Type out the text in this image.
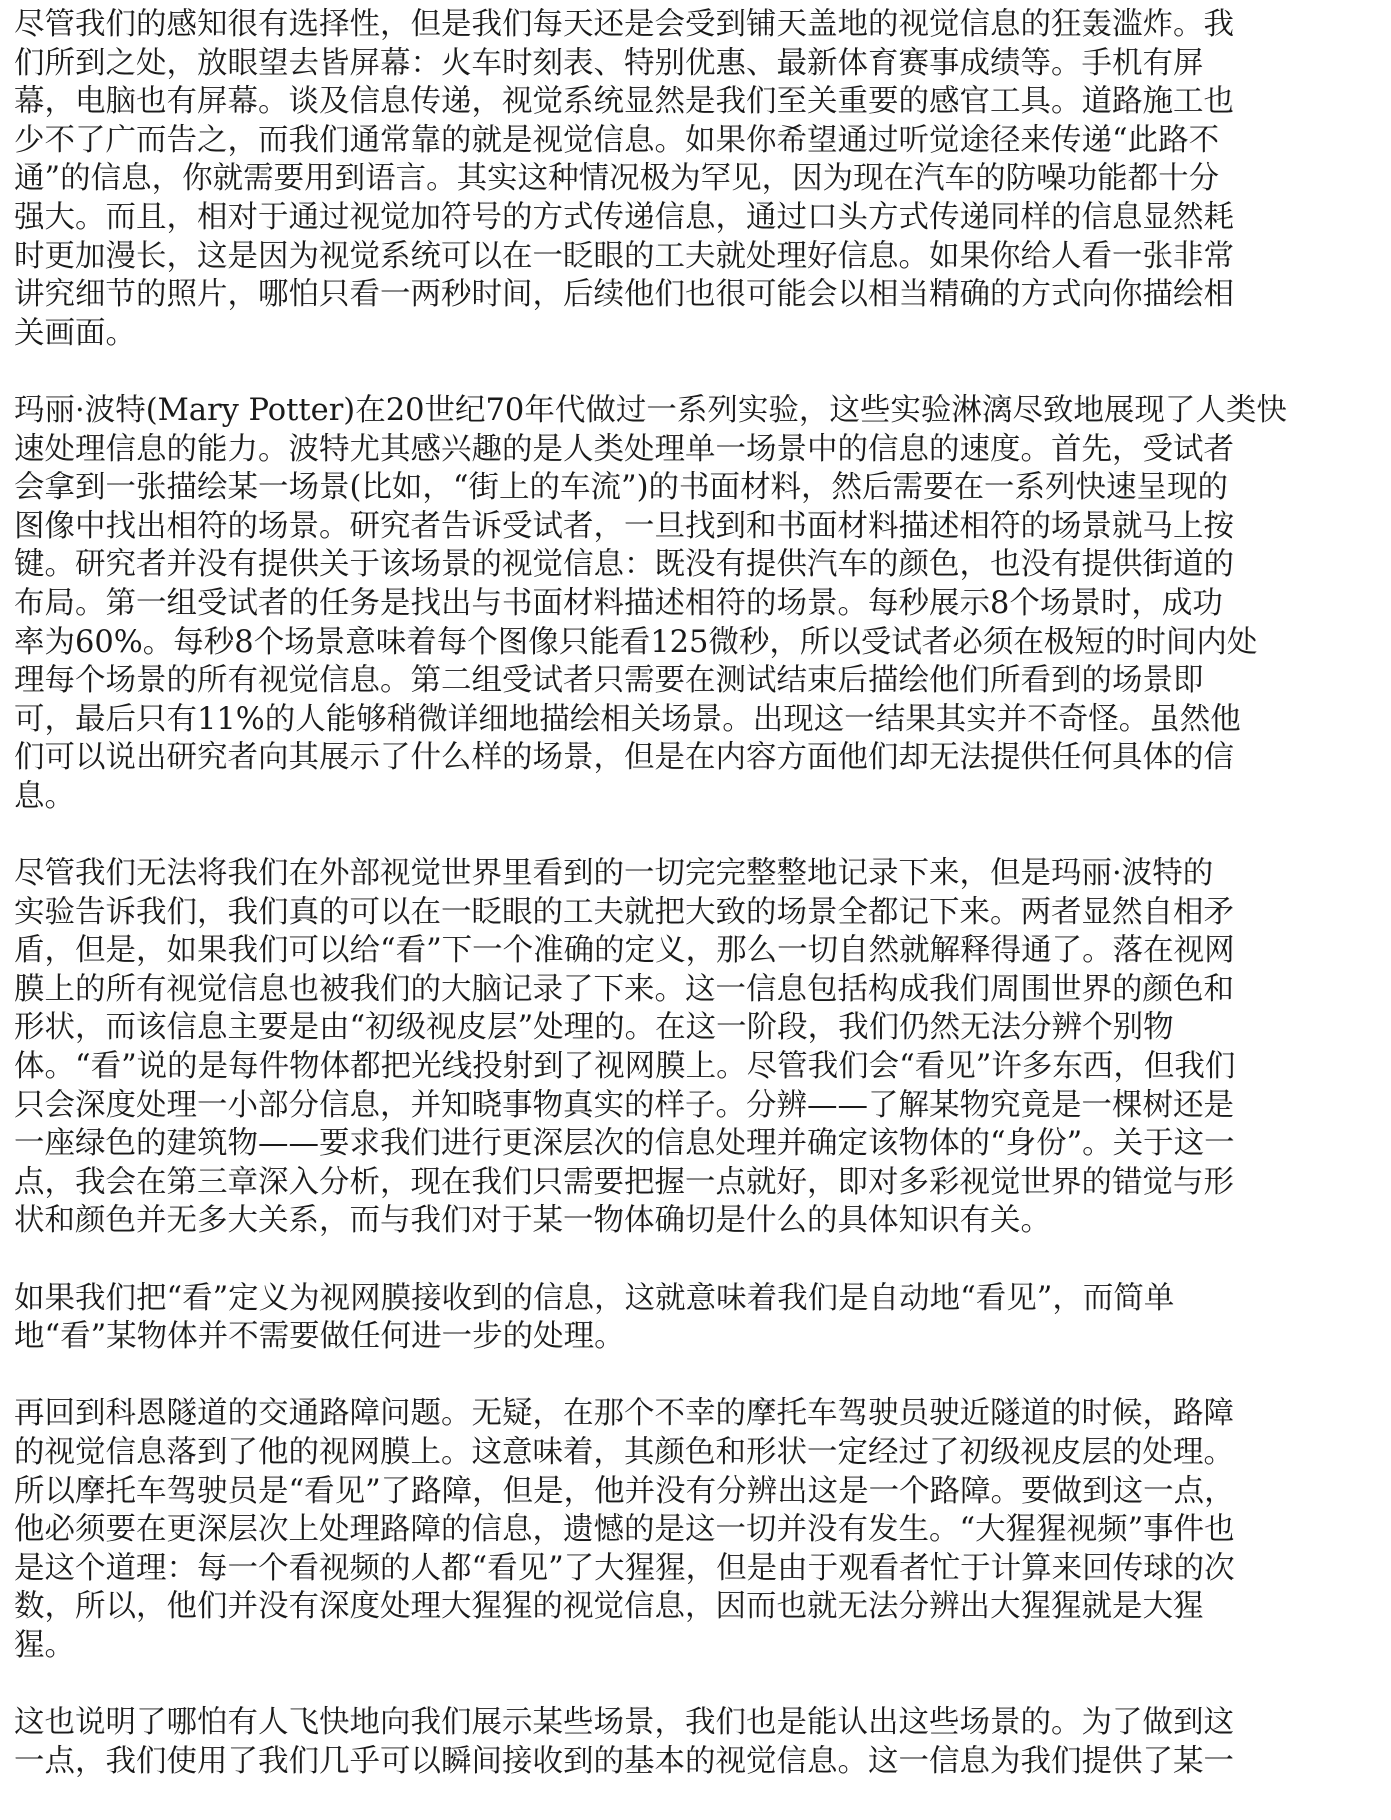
尽管我们的感知很有选择性，但是我们每天还是会受到铺天盖地的视觉信息的狂轰滥炸。我
们所到之处，放眼望去皆屏幕：火车时刻表、特别优惠、最新体育赛事成绩等。手机有屏
幕，电脑也有屏幕。谈及信息传递，视觉系统显然是我们至关重要的感官工具。道路施工也
少不了广而告之，而我们通常靠的就是视觉信息。如果你希望通过听觉途径来传递“此路不
通”的信息，你就需要用到语言。其实这种情况极为罕见，因为现在汽车的防噪功能都十分
强大。而且，相对于通过视觉加符号的方式传递信息，通过口头方式传递同样的信息显然耗
时更加漫长，这是因为视觉系统可以在一眨眼的工夫就处理好信息。如果你给人看一张非常
讲究细节的照片，哪怕只看一两秒时间，后续他们也很可能会以相当精确的方式向你描绘相
关画面。
玛丽·波特(Mary Potter)在20世纪70年代做过一系列实验，这些实验淋漓尽致地展现了人类快
速处理信息的能力。波特尤其感兴趣的是人类处理单一场景中的信息的速度。首先，受试者
会拿到一张描绘某一场景(比如，“街上的车流”)的书面材料，然后需要在一系列快速呈现的
图像中找出相符的场景。研究者告诉受试者，一旦找到和书面材料描述相符的场景就马上按
键。研究者并没有提供关于该场景的视觉信息：既没有提供汽车的颜色，也没有提供街道的
布局。第一组受试者的任务是找出与书面材料描述相符的场景。每秒展示8个场景时，成功
率为60%。每秒8个场景意味着每个图像只能看125微秒，所以受试者必须在极短的时间内处
理每个场景的所有视觉信息。第二组受试者只需要在测试结束后描绘他们所看到的场景即
可，最后只有11%的人能够稍微详细地描绘相关场景。出现这一结果其实并不奇怪。虽然他
们可以说出研究者向其展示了什么样的场景，但是在内容方面他们却无法提供任何具体的信
息。
尽管我们无法将我们在外部视觉世界里看到的一切完完整整地记录下来，但是玛丽·波特的
实验告诉我们，我们真的可以在一眨眼的工夫就把大致的场景全都记下来。两者显然自相矛
盾，但是，如果我们可以给“看”下一个准确的定义，那么一切自然就解释得通了。落在视网
膜上的所有视觉信息也被我们的大脑记录了下来。这一信息包括构成我们周围世界的颜色和
形状，而该信息主要是由“初级视皮层”处理的。在这一阶段，我们仍然无法分辨个别物
体。“看”说的是每件物体都把光线投射到了视网膜上。尽管我们会“看见”许多东西，但我们
只会深度处理一小部分信息，并知晓事物真实的样子。分辨——了解某物究竟是一棵树还是
一座绿色的建筑物——要求我们进行更深层次的信息处理并确定该物体的“身份”。关于这一
点，我会在第三章深入分析，现在我们只需要把握一点就好，即对多彩视觉世界的错觉与形
状和颜色并无多大关系，而与我们对于某一物体确切是什么的具体知识有关。
如果我们把“看”定义为视网膜接收到的信息，这就意味着我们是自动地“看见”，而简单
地“看”某物体并不需要做任何进一步的处理。
再回到科恩隧道的交通路障问题。无疑，在那个不幸的摩托车驾驶员驶近隧道的时候，路障
的视觉信息落到了他的视网膜上。这意味着，其颜色和形状一定经过了初级视皮层的处理。
所以摩托车驾驶员是“看见”了路障，但是，他并没有分辨出这是一个路障。要做到这一点，
他必须要在更深层次上处理路障的信息，遗憾的是这一切并没有发生。“大猩猩视频”事件也
是这个道理：每一个看视频的人都“看见”了大猩猩，但是由于观看者忙于计算来回传球的次
数，所以，他们并没有深度处理大猩猩的视觉信息，因而也就无法分辨出大猩猩就是大猩
猩。
这也说明了哪怕有人飞快地向我们展示某些场景，我们也是能认出这些场景的。为了做到这
一点，我们使用了我们几乎可以瞬间接收到的基本的视觉信息。这一信息为我们提供了某一
